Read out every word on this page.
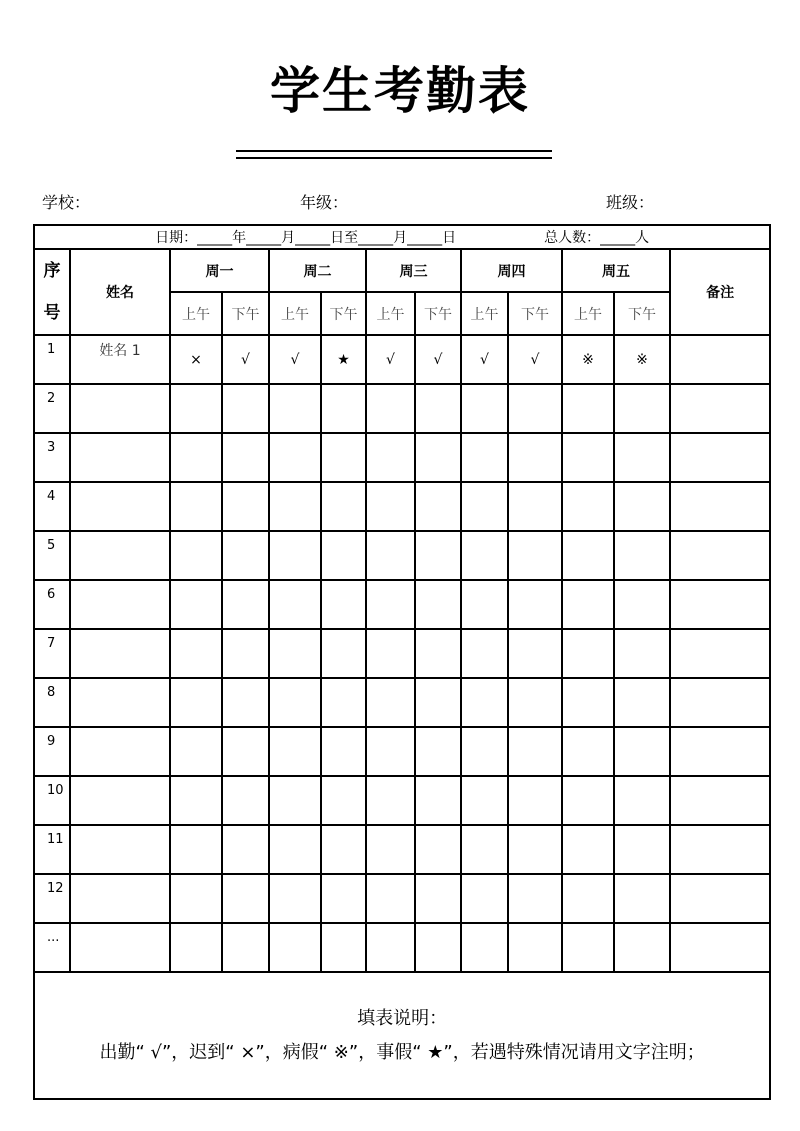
学生考勤表
学校：	年级：	班级：
日期：_____年_____月_____日至_____月_____日 总人数：_____人												

序
号	姓名	周一		周二		周三		周四		周五		备注
		上午	下午	上午	下午	上午	下午	上午	下午	上午	下午	
1	姓名 1	×	√	√	★	√	√	√	√	※	※	
2												
3												
4												
5												
6												
7												
8												
9												
10												
11												
12												
...												

填表说明：
出勤“ √”，迟到“ ×”，病假“ ※”，事假“ ★”，若遇特殊情况请用文字注明；												
